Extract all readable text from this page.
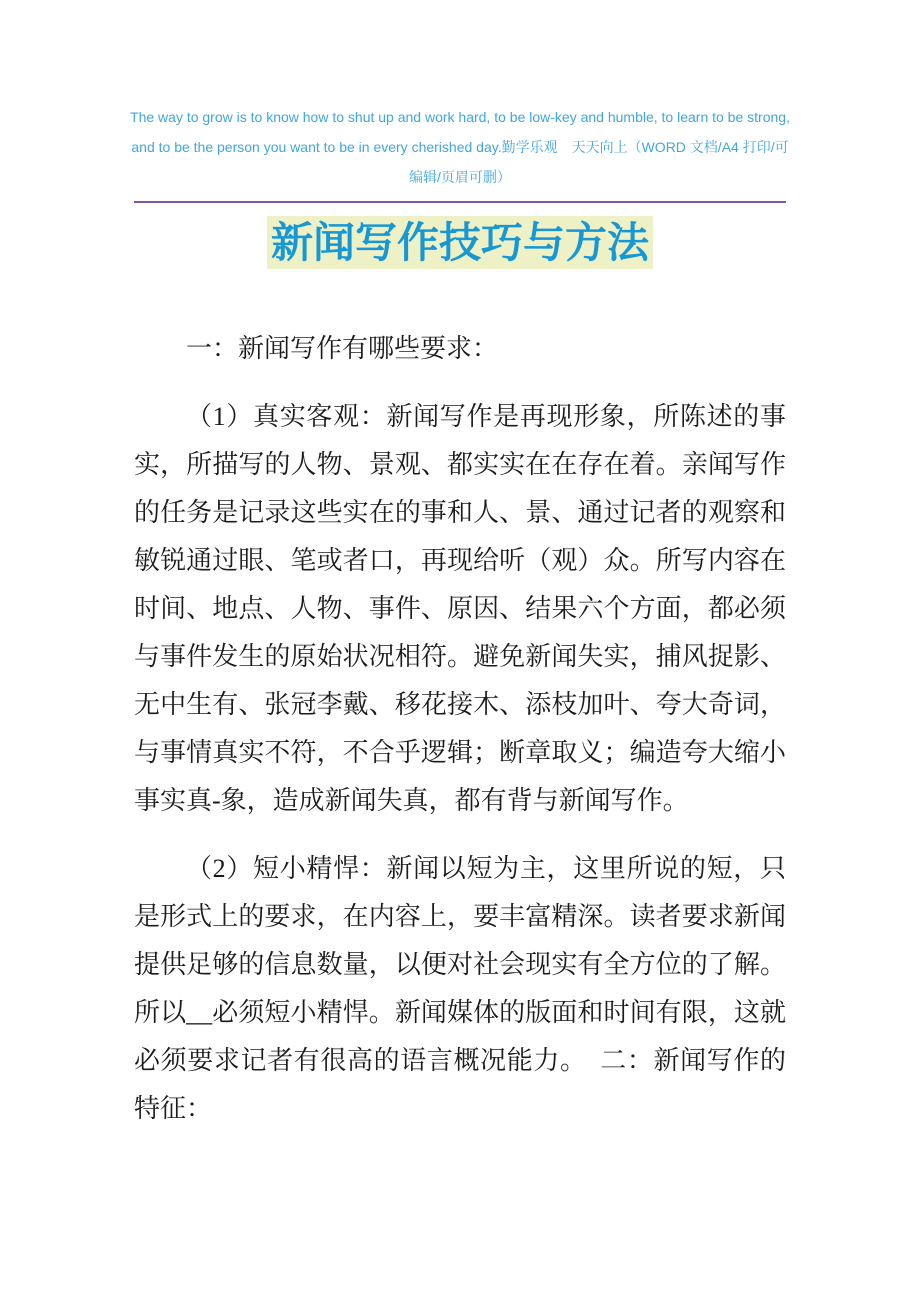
The way to grow is to know how to shut up and work hard, to be low-key and humble, to learn to be strong, and to be the person you want to be in every cherished day.勤学乐观　天天向上（WORD 文档/A4 打印/可编辑/页眉可删）

新闻写作技巧与方法

一：新闻写作有哪些要求：

（1）真实客观：新闻写作是再现形象，所陈述的事实，所描写的人物、景观、都实实在在存在着。亲闻写作的任务是记录这些实在的事和人、景、通过记者的观察和敏锐通过眼、笔或者口，再现给听（观）众。所写内容在时间、地点、人物、事件、原因、结果六个方面，都必须与事件发生的原始状况相符。避免新闻失实，捕风捉影、无中生有、张冠李戴、移花接木、添枝加叶、夸大奇词，与事情真实不符，不合乎逻辑；断章取义；编造夸大缩小事实真-象，造成新闻失真，都有背与新闻写作。

（2）短小精悍：新闻以短为主，这里所说的短，只是形式上的要求，在内容上，要丰富精深。读者要求新闻提供足够的信息数量，以便对社会现实有全方位的了解。所以__必须短小精悍。新闻媒体的版面和时间有限，这就必须要求记者有很高的语言概况能力。　二：新闻写作的特征：
